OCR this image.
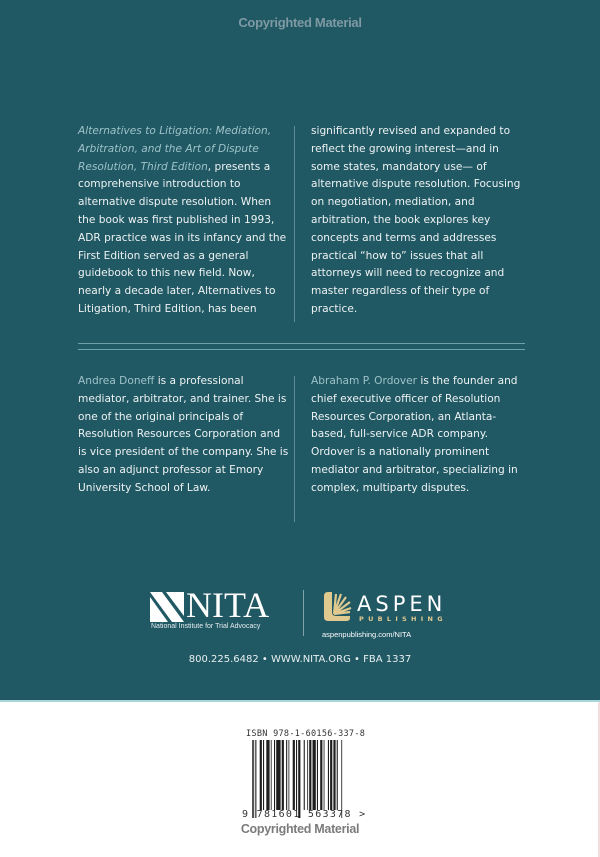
Copyrighted Material
Alternatives to Litigation: Mediation, Arbitration, and the Art of Dispute Resolution, Third Edition, presents a comprehensive introduction to alternative dispute resolution. When the book was first published in 1993, ADR practice was in its infancy and the First Edition served as a general guidebook to this new field. Now, nearly a decade later, Alternatives to Litigation, Third Edition, has been
significantly revised and expanded to reflect the growing interest—and in some states, mandatory use— of alternative dispute resolution. Focusing on negotiation, mediation, and arbitration, the book explores key concepts and terms and addresses practical “how to” issues that all attorneys will need to recognize and master regardless of their type of practice.
Andrea Doneff is a professional mediator, arbitrator, and trainer. She is one of the original principals of Resolution Resources Corporation and is vice president of the company. She is also an adjunct professor at Emory University School of Law.
Abraham P. Ordover is the founder and chief executive officer of Resolution Resources Corporation, an Atlanta-based, full-service ADR company. Ordover is a nationally prominent mediator and arbitrator, specializing in complex, multiparty disputes.
NITA
National Institute for Trial Advocacy
ASPEN
PUBLISHING
aspenpublishing.com/NITA
800.225.6482 • WWW.NITA.ORG • FBA 1337
ISBN 978-1-60156-337-8
9 781601 563378 >
Copyrighted Material
